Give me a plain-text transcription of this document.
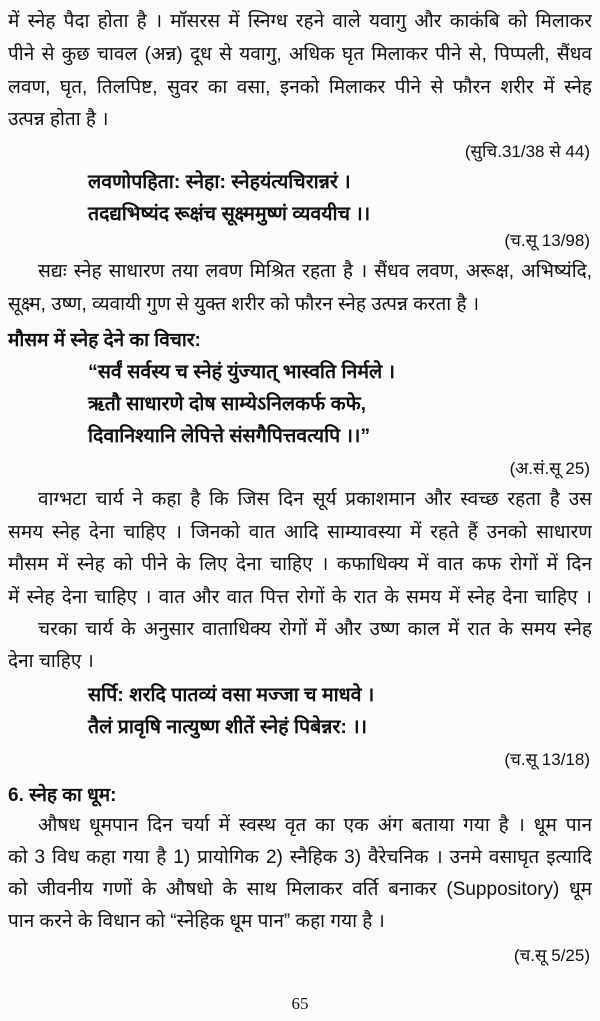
में स्नेह पैदा होता है । मॉसरस में स्निग्ध रहने वाले यवागु और काकंबि को मिलाकर
पीने से कुछ चावल (अन्न) दूध से यवागु, अधिक घृत मिलाकर पीने से, पिप्पली, सैंधव
लवण, घृत, तिलपिष्ट, सुवर का वसा, इनको मिलाकर पीने से फौरन शरीर में स्नेह
उत्पन्न होता है ।
(सुचि.31/38 से 44)
लवणोपहिता: स्नेहा: स्नेहयंत्यचिरान्नरं ।
तदद्यभिष्यंद रूक्षंच सूक्ष्ममुष्णं व्यवयीच ।।
(च.सू 13/98)
सद्यः स्नेह साधारण तया लवण मिश्रित रहता है । सैंधव लवण, अरूक्ष, अभिष्यंदि,
सूक्ष्म, उष्ण, व्यवायी गुण से युक्त शरीर को फौरन स्नेह उत्पन्न करता है ।
मौसम में स्नेह देने का विचार:
“सर्वं सर्वस्य च स्नेहं युंज्यात् भास्वति निर्मले ।
ऋतौ साधारणे दोष साम्येऽनिलकर्फ कफे,
दिवानिश्यानि लेपित्ते संसगैपित्तवत्यपि ।।”
(अ.सं.सू 25)
वाग्भटा चार्य ने कहा है कि जिस दिन सूर्य प्रकाशमान और स्वच्छ रहता है उस
समय स्नेह देना चाहिए । जिनको वात आदि साम्यावस्या में रहते हैं उनको साधारण
मौसम में स्नेह को पीने के लिए देना चाहिए । कफाधिक्य में वात कफ रोगों में दिन
में स्नेह देना चाहिए । वात और वात पित्त रोगों के रात के समय में स्नेह देना चाहिए ।
चरका चार्य के अनुसार वाताधिक्य रोगों में और उष्ण काल में रात के समय स्नेह
देना चाहिए ।
सर्पि: शरदि पातव्यं वसा मज्जा च माधवे ।
तैलं प्रावृषि नात्युष्ण शीतें स्नेहं पिबेन्नर: ।।
(च.सू 13/18)
6. स्नेह का धूम:
औषध धूमपान दिन चर्या में स्वस्थ वृत का एक अंग बताया गया है । धूम पान
को 3 विध कहा गया है 1) प्रायोगिक 2) स्नैहिक 3) वैरेचनिक । उनमे वसाघृत इत्यादि
को जीवनीय गणों के औषधो के साथ मिलाकर वर्ति बनाकर (Suppository) धूम
पान करने के विधान को “स्नेहिक धूम पान” कहा गया है ।
(च.सू 5/25)
65
